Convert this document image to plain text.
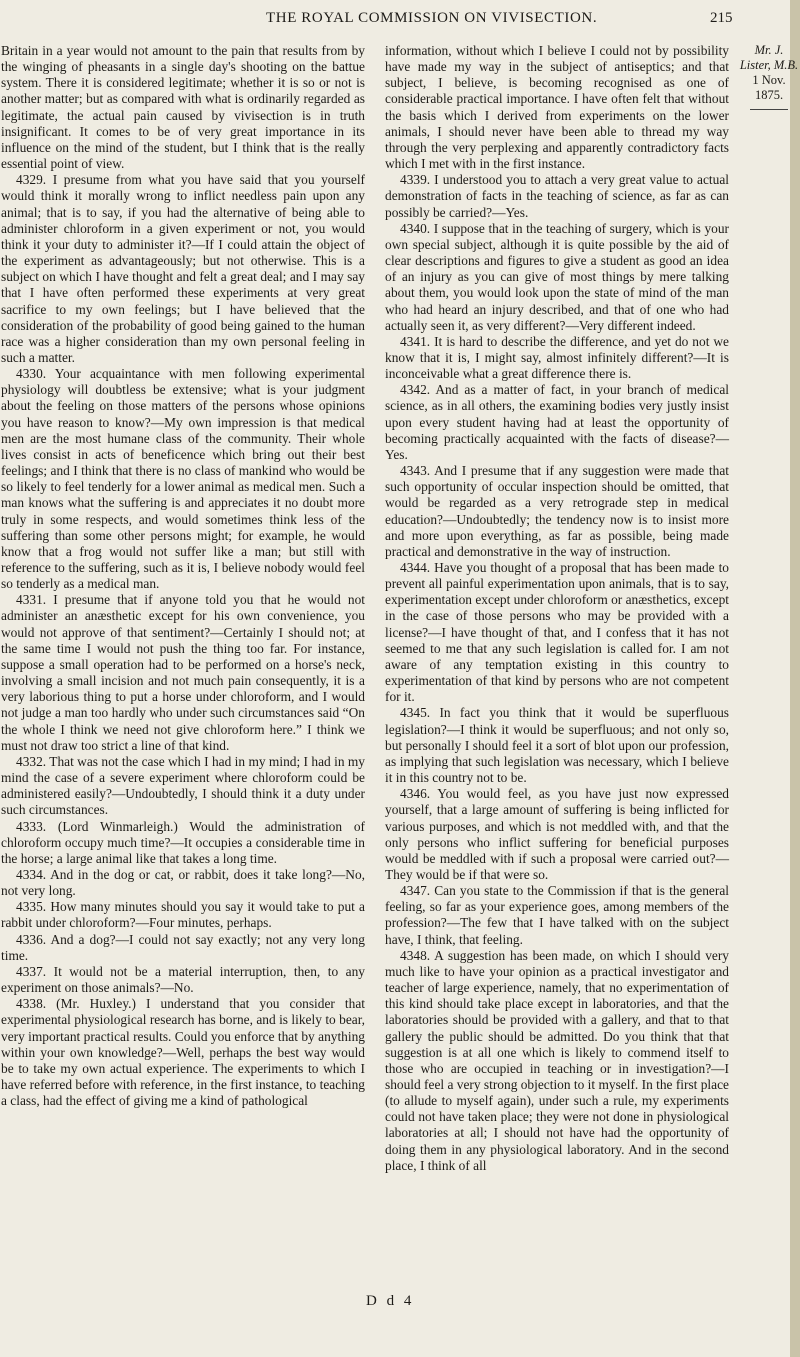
THE ROYAL COMMISSION ON VIVISECTION.	215

Britain in a year would not amount to the pain that results from by the winging of pheasants in a single day's shooting on the battue system. There it is considered legitimate; whether it is so or not is another matter; but as compared with what is ordinarily regarded as legitimate, the actual pain caused by vivisection is in truth insignificant. It comes to be of very great importance in its influence on the mind of the student, but I think that is the really essential point of view.

4329. I presume from what you have said that you yourself would think it morally wrong to inflict needless pain upon any animal; that is to say, if you had the alternative of being able to administer chloroform in a given experiment or not, you would think it your duty to administer it?—If I could attain the object of the experiment as advantageously; but not otherwise. This is a subject on which I have thought and felt a great deal; and I may say that I have often performed these experiments at very great sacrifice to my own feelings; but I have believed that the consideration of the probability of good being gained to the human race was a higher consideration than my own personal feeling in such a matter.

4330. Your acquaintance with men following experimental physiology will doubtless be extensive; what is your judgment about the feeling on those matters of the persons whose opinions you have reason to know?—My own impression is that medical men are the most humane class of the community. Their whole lives consist in acts of beneficence which bring out their best feelings; and I think that there is no class of mankind who would be so likely to feel tenderly for a lower animal as medical men. Such a man knows what the suffering is and appreciates it no doubt more truly in some respects, and would sometimes think less of the suffering than some other persons might; for example, he would know that a frog would not suffer like a man; but still with reference to the suffering, such as it is, I believe nobody would feel so tenderly as a medical man.

4331. I presume that if anyone told you that he would not administer an anæsthetic except for his own convenience, you would not approve of that sentiment?—Certainly I should not; at the same time I would not push the thing too far. For instance, suppose a small operation had to be performed on a horse's neck, involving a small incision and not much pain consequently, it is a very laborious thing to put a horse under chloroform, and I would not judge a man too hardly who under such circumstances said “On the whole I think we need not give chloroform here.” I think we must not draw too strict a line of that kind.

4332. That was not the case which I had in my mind; I had in my mind the case of a severe experiment where chloroform could be administered easily?—Undoubtedly, I should think it a duty under such circumstances.

4333. (Lord Winmarleigh.) Would the administration of chloroform occupy much time?—It occupies a considerable time in the horse; a large animal like that takes a long time.

4334. And in the dog or cat, or rabbit, does it take long?—No, not very long.

4335. How many minutes should you say it would take to put a rabbit under chloroform?—Four minutes, perhaps.

4336. And a dog?—I could not say exactly; not any very long time.

4337. It would not be a material interruption, then, to any experiment on those animals?—No.

4338. (Mr. Huxley.) I understand that you consider that experimental physiological research has borne, and is likely to bear, very important practical results. Could you enforce that by anything within your own knowledge?—Well, perhaps the best way would be to take my own actual experience. The experiments to which I have referred before with reference, in the first instance, to teaching a class, had the effect of giving me a kind of pathological

information, without which I believe I could not by possibility have made my way in the subject of antiseptics; and that subject, I believe, is becoming recognised as one of considerable practical importance. I have often felt that without the basis which I derived from experiments on the lower animals, I should never have been able to thread my way through the very perplexing and apparently contradictory facts which I met with in the first instance.

4339. I understood you to attach a very great value to actual demonstration of facts in the teaching of science, as far as can possibly be carried?—Yes.

4340. I suppose that in the teaching of surgery, which is your own special subject, although it is quite possible by the aid of clear descriptions and figures to give a student as good an idea of an injury as you can give of most things by mere talking about them, you would look upon the state of mind of the man who had heard an injury described, and that of one who had actually seen it, as very different?—Very different indeed.

4341. It is hard to describe the difference, and yet do not we know that it is, I might say, almost infinitely different?—It is inconceivable what a great difference there is.

4342. And as a matter of fact, in your branch of medical science, as in all others, the examining bodies very justly insist upon every student having had at least the opportunity of becoming practically acquainted with the facts of disease?—Yes.

4343. And I presume that if any suggestion were made that such opportunity of occular inspection should be omitted, that would be regarded as a very retrograde step in medical education?—Undoubtedly; the tendency now is to insist more and more upon everything, as far as possible, being made practical and demonstrative in the way of instruction.

4344. Have you thought of a proposal that has been made to prevent all painful experimentation upon animals, that is to say, experimentation except under chloroform or anæsthetics, except in the case of those persons who may be provided with a license?—I have thought of that, and I confess that it has not seemed to me that any such legislation is called for. I am not aware of any temptation existing in this country to experimentation of that kind by persons who are not competent for it.

4345. In fact you think that it would be superfluous legislation?—I think it would be superfluous; and not only so, but personally I should feel it a sort of blot upon our profession, as implying that such legislation was necessary, which I believe it in this country not to be.

4346. You would feel, as you have just now expressed yourself, that a large amount of suffering is being inflicted for various purposes, and which is not meddled with, and that the only persons who inflict suffering for beneficial purposes would be meddled with if such a proposal were carried out?—They would be if that were so.

4347. Can you state to the Commission if that is the general feeling, so far as your experience goes, among members of the profession?—The few that I have talked with on the subject have, I think, that feeling.

4348. A suggestion has been made, on which I should very much like to have your opinion as a practical investigator and teacher of large experience, namely, that no experimentation of this kind should take place except in laboratories, and that the laboratories should be provided with a gallery, and that to that gallery the public should be admitted. Do you think that that suggestion is at all one which is likely to commend itself to those who are occupied in teaching or in investigation?—I should feel a very strong objection to it myself. In the first place (to allude to myself again), under such a rule, my experiments could not have taken place; they were not done in physiological laboratories at all; I should not have had the opportunity of doing them in any physiological laboratory. And in the second place, I think of all

Mr. J. Lister, M.B.
1 Nov. 1875.
D d 4
